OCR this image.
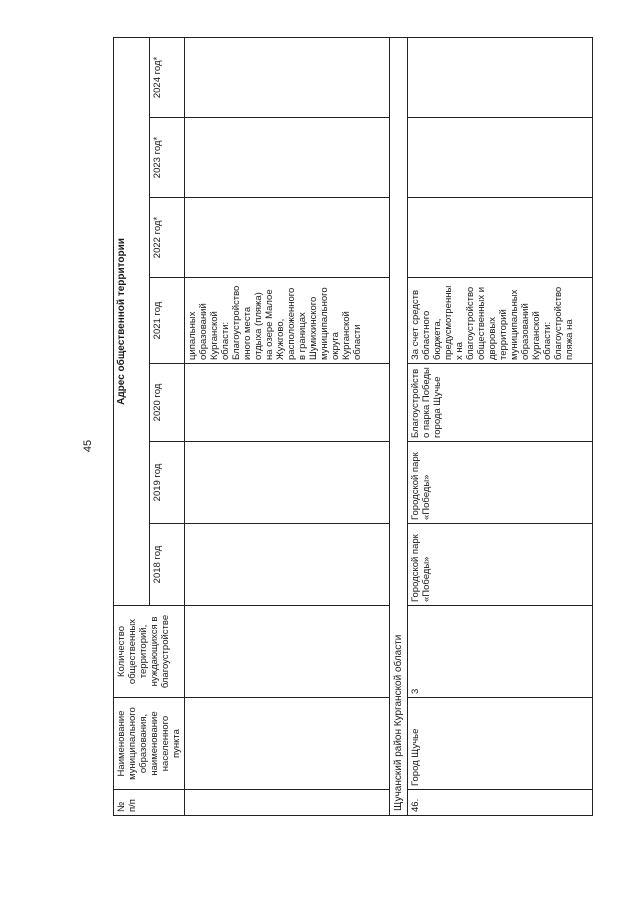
45
№ п/п	Наименование муниципального образования, наименование населенного пункта	Количество общественных территорий, нуждающихся в благоустройстве	Адрес общественной территории						
			2018 год	2019 год	2020 год	2021 год	2022 год*	2023 год*	2024 год*
						ципальных образований Курганской области: Благоустройство иного места отдыха (пляжа) на озере Малое Жужгово, расположенного в границах Шумихинского муниципального округа Курганской области			
Щучанский район Курганской области									
46.	Город Щучье	3	Городской парк «Победы»	Городской парк «Победы»	Благоустройство парка Победы города Щучье	За счет средств областного бюджета, предусмотренных на благоустройство общественных и дворовых территорий муниципальных образований Курганской области: благоустройство пляжа на			
